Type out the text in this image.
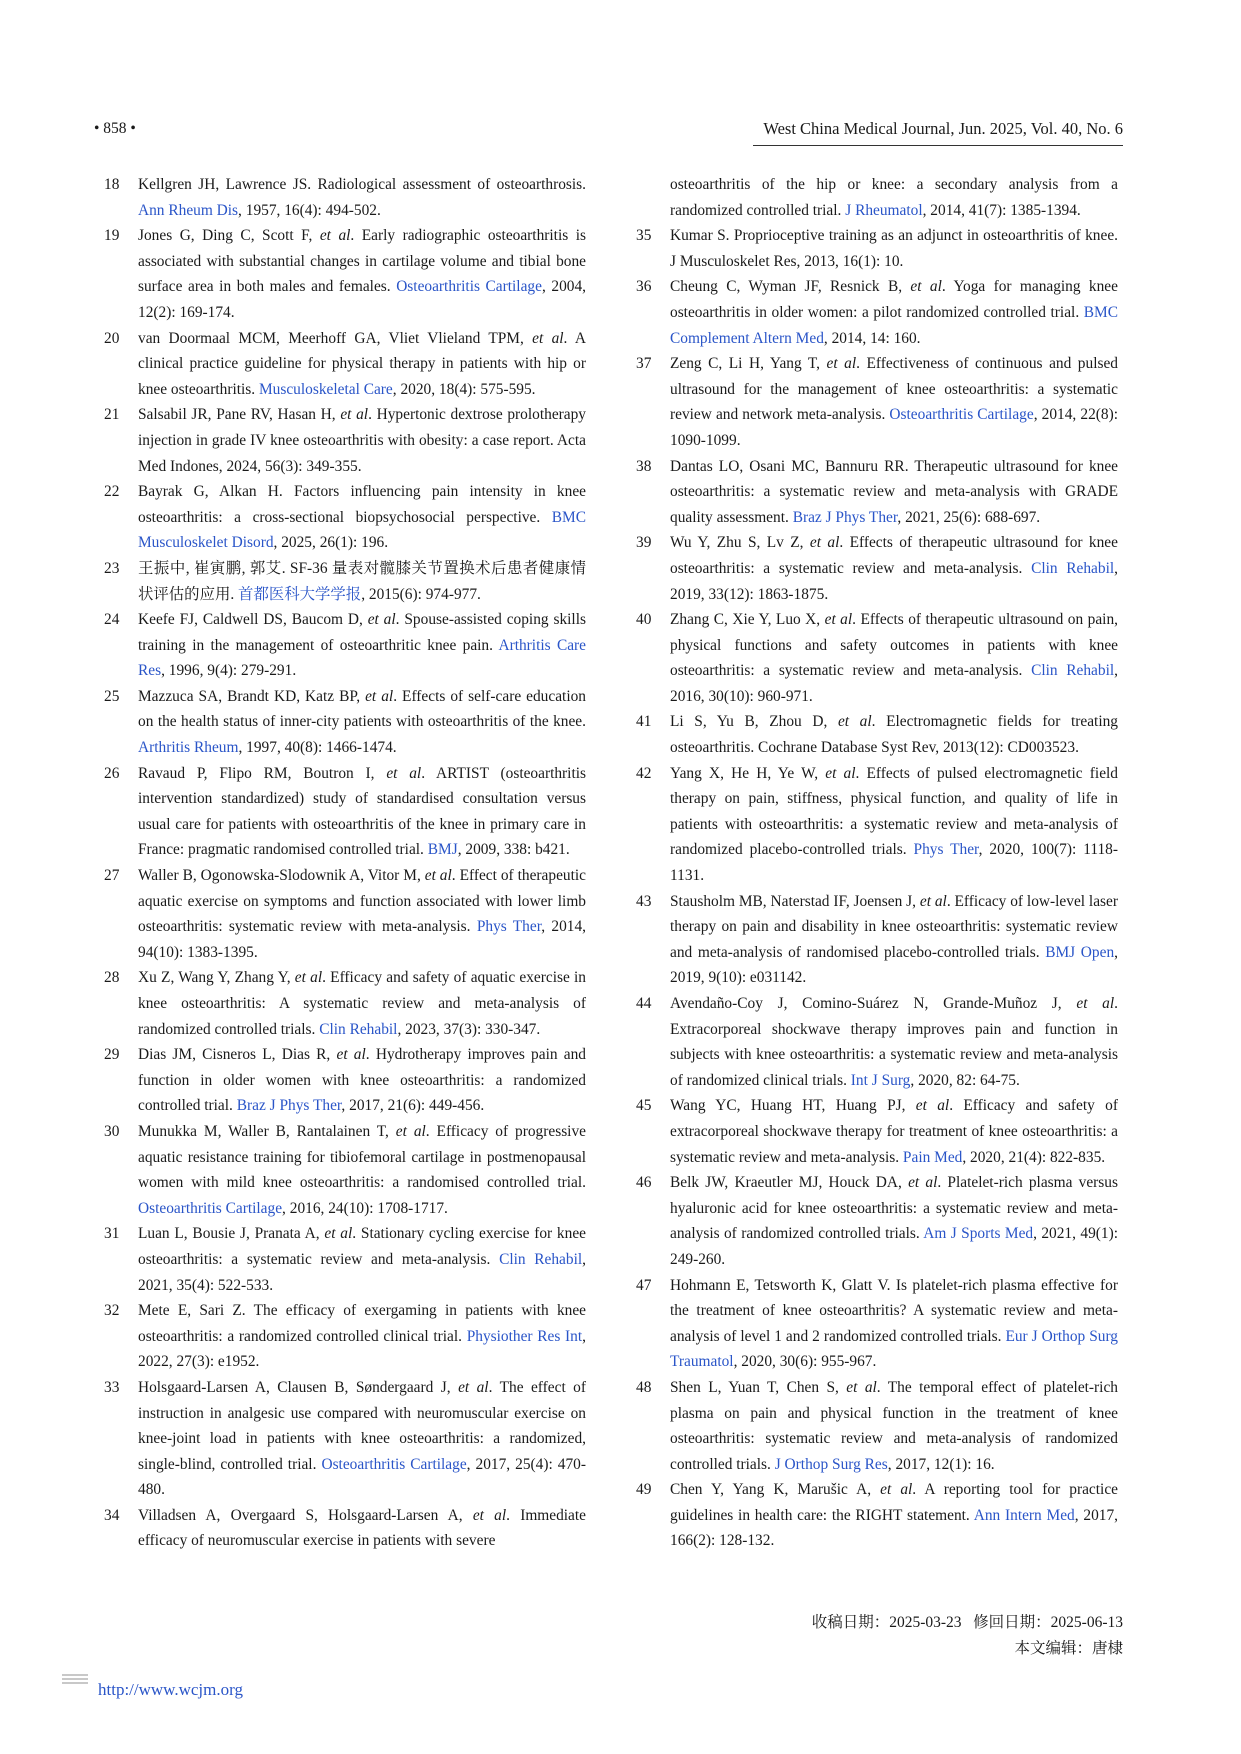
• 858 •	West China Medical Journal, Jun. 2025, Vol. 40, No. 6
18	Kellgren JH, Lawrence JS. Radiological assessment of osteoarthrosis. Ann Rheum Dis, 1957, 16(4): 494-502.
19	Jones G, Ding C, Scott F, et al. Early radiographic osteoarthritis is associated with substantial changes in cartilage volume and tibial bone surface area in both males and females. Osteoarthritis Cartilage, 2004, 12(2): 169-174.
20	van Doormaal MCM, Meerhoff GA, Vliet Vlieland TPM, et al. A clinical practice guideline for physical therapy in patients with hip or knee osteoarthritis. Musculoskeletal Care, 2020, 18(4): 575-595.
21	Salsabil JR, Pane RV, Hasan H, et al. Hypertonic dextrose prolotherapy injection in grade IV knee osteoarthritis with obesity: a case report. Acta Med Indones, 2024, 56(3): 349-355.
22	Bayrak G, Alkan H. Factors influencing pain intensity in knee osteoarthritis: a cross-sectional biopsychosocial perspective. BMC Musculoskelet Disord, 2025, 26(1): 196.
23	王振中, 崔寅鹏, 郭艾. SF-36 量表对髋膝关节置换术后患者健康情状评估的应用. 首都医科大学学报, 2015(6): 974-977.
24	Keefe FJ, Caldwell DS, Baucom D, et al. Spouse-assisted coping skills training in the management of osteoarthritic knee pain. Arthritis Care Res, 1996, 9(4): 279-291.
25	Mazzuca SA, Brandt KD, Katz BP, et al. Effects of self-care education on the health status of inner-city patients with osteoarthritis of the knee. Arthritis Rheum, 1997, 40(8): 1466-1474.
26	Ravaud P, Flipo RM, Boutron I, et al. ARTIST (osteoarthritis intervention standardized) study of standardised consultation versus usual care for patients with osteoarthritis of the knee in primary care in France: pragmatic randomised controlled trial. BMJ, 2009, 338: b421.
27	Waller B, Ogonowska-Slodownik A, Vitor M, et al. Effect of therapeutic aquatic exercise on symptoms and function associated with lower limb osteoarthritis: systematic review with meta-analysis. Phys Ther, 2014, 94(10): 1383-1395.
28	Xu Z, Wang Y, Zhang Y, et al. Efficacy and safety of aquatic exercise in knee osteoarthritis: A systematic review and meta-analysis of randomized controlled trials. Clin Rehabil, 2023, 37(3): 330-347.
29	Dias JM, Cisneros L, Dias R, et al. Hydrotherapy improves pain and function in older women with knee osteoarthritis: a randomized controlled trial. Braz J Phys Ther, 2017, 21(6): 449-456.
30	Munukka M, Waller B, Rantalainen T, et al. Efficacy of progressive aquatic resistance training for tibiofemoral cartilage in postmenopausal women with mild knee osteoarthritis: a randomised controlled trial. Osteoarthritis Cartilage, 2016, 24(10): 1708-1717.
31	Luan L, Bousie J, Pranata A, et al. Stationary cycling exercise for knee osteoarthritis: a systematic review and meta-analysis. Clin Rehabil, 2021, 35(4): 522-533.
32	Mete E, Sari Z. The efficacy of exergaming in patients with knee osteoarthritis: a randomized controlled clinical trial. Physiother Res Int, 2022, 27(3): e1952.
33	Holsgaard-Larsen A, Clausen B, Søndergaard J, et al. The effect of instruction in analgesic use compared with neuromuscular exercise on knee-joint load in patients with knee osteoarthritis: a randomized, single-blind, controlled trial. Osteoarthritis Cartilage, 2017, 25(4): 470-480.
34	Villadsen A, Overgaard S, Holsgaard-Larsen A, et al. Immediate efficacy of neuromuscular exercise in patients with severe

osteoarthritis of the hip or knee: a secondary analysis from a randomized controlled trial. J Rheumatol, 2014, 41(7): 1385-1394.

35	Kumar S. Proprioceptive training as an adjunct in osteoarthritis of knee. J Musculoskelet Res, 2013, 16(1): 10.
36	Cheung C, Wyman JF, Resnick B, et al. Yoga for managing knee osteoarthritis in older women: a pilot randomized controlled trial. BMC Complement Altern Med, 2014, 14: 160.
37	Zeng C, Li H, Yang T, et al. Effectiveness of continuous and pulsed ultrasound for the management of knee osteoarthritis: a systematic review and network meta-analysis. Osteoarthritis Cartilage, 2014, 22(8): 1090-1099.
38	Dantas LO, Osani MC, Bannuru RR. Therapeutic ultrasound for knee osteoarthritis: a systematic review and meta-analysis with GRADE quality assessment. Braz J Phys Ther, 2021, 25(6): 688-697.
39	Wu Y, Zhu S, Lv Z, et al. Effects of therapeutic ultrasound for knee osteoarthritis: a systematic review and meta-analysis. Clin Rehabil, 2019, 33(12): 1863-1875.
40	Zhang C, Xie Y, Luo X, et al. Effects of therapeutic ultrasound on pain, physical functions and safety outcomes in patients with knee osteoarthritis: a systematic review and meta-analysis. Clin Rehabil, 2016, 30(10): 960-971.
41	Li S, Yu B, Zhou D, et al. Electromagnetic fields for treating osteoarthritis. Cochrane Database Syst Rev, 2013(12): CD003523.
42	Yang X, He H, Ye W, et al. Effects of pulsed electromagnetic field therapy on pain, stiffness, physical function, and quality of life in patients with osteoarthritis: a systematic review and meta-analysis of randomized placebo-controlled trials. Phys Ther, 2020, 100(7): 1118-1131.
43	Stausholm MB, Naterstad IF, Joensen J, et al. Efficacy of low-level laser therapy on pain and disability in knee osteoarthritis: systematic review and meta-analysis of randomised placebo-controlled trials. BMJ Open, 2019, 9(10): e031142.
44	Avendaño-Coy J, Comino-Suárez N, Grande-Muñoz J, et al. Extracorporeal shockwave therapy improves pain and function in subjects with knee osteoarthritis: a systematic review and meta-analysis of randomized clinical trials. Int J Surg, 2020, 82: 64-75.
45	Wang YC, Huang HT, Huang PJ, et al. Efficacy and safety of extracorporeal shockwave therapy for treatment of knee osteoarthritis: a systematic review and meta-analysis. Pain Med, 2020, 21(4): 822-835.
46	Belk JW, Kraeutler MJ, Houck DA, et al. Platelet-rich plasma versus hyaluronic acid for knee osteoarthritis: a systematic review and meta-analysis of randomized controlled trials. Am J Sports Med, 2021, 49(1): 249-260.
47	Hohmann E, Tetsworth K, Glatt V. Is platelet-rich plasma effective for the treatment of knee osteoarthritis? A systematic review and meta-analysis of level 1 and 2 randomized controlled trials. Eur J Orthop Surg Traumatol, 2020, 30(6): 955-967.
48	Shen L, Yuan T, Chen S, et al. The temporal effect of platelet-rich plasma on pain and physical function in the treatment of knee osteoarthritis: systematic review and meta-analysis of randomized controlled trials. J Orthop Surg Res, 2017, 12(1): 16.
49	Chen Y, Yang K, Marušic A, et al. A reporting tool for practice guidelines in health care: the RIGHT statement. Ann Intern Med, 2017, 166(2): 128-132.
收稿日期：2025-03-23 修回日期：2025-06-13
本文编辑：唐棣
http://www.wcjm.org
